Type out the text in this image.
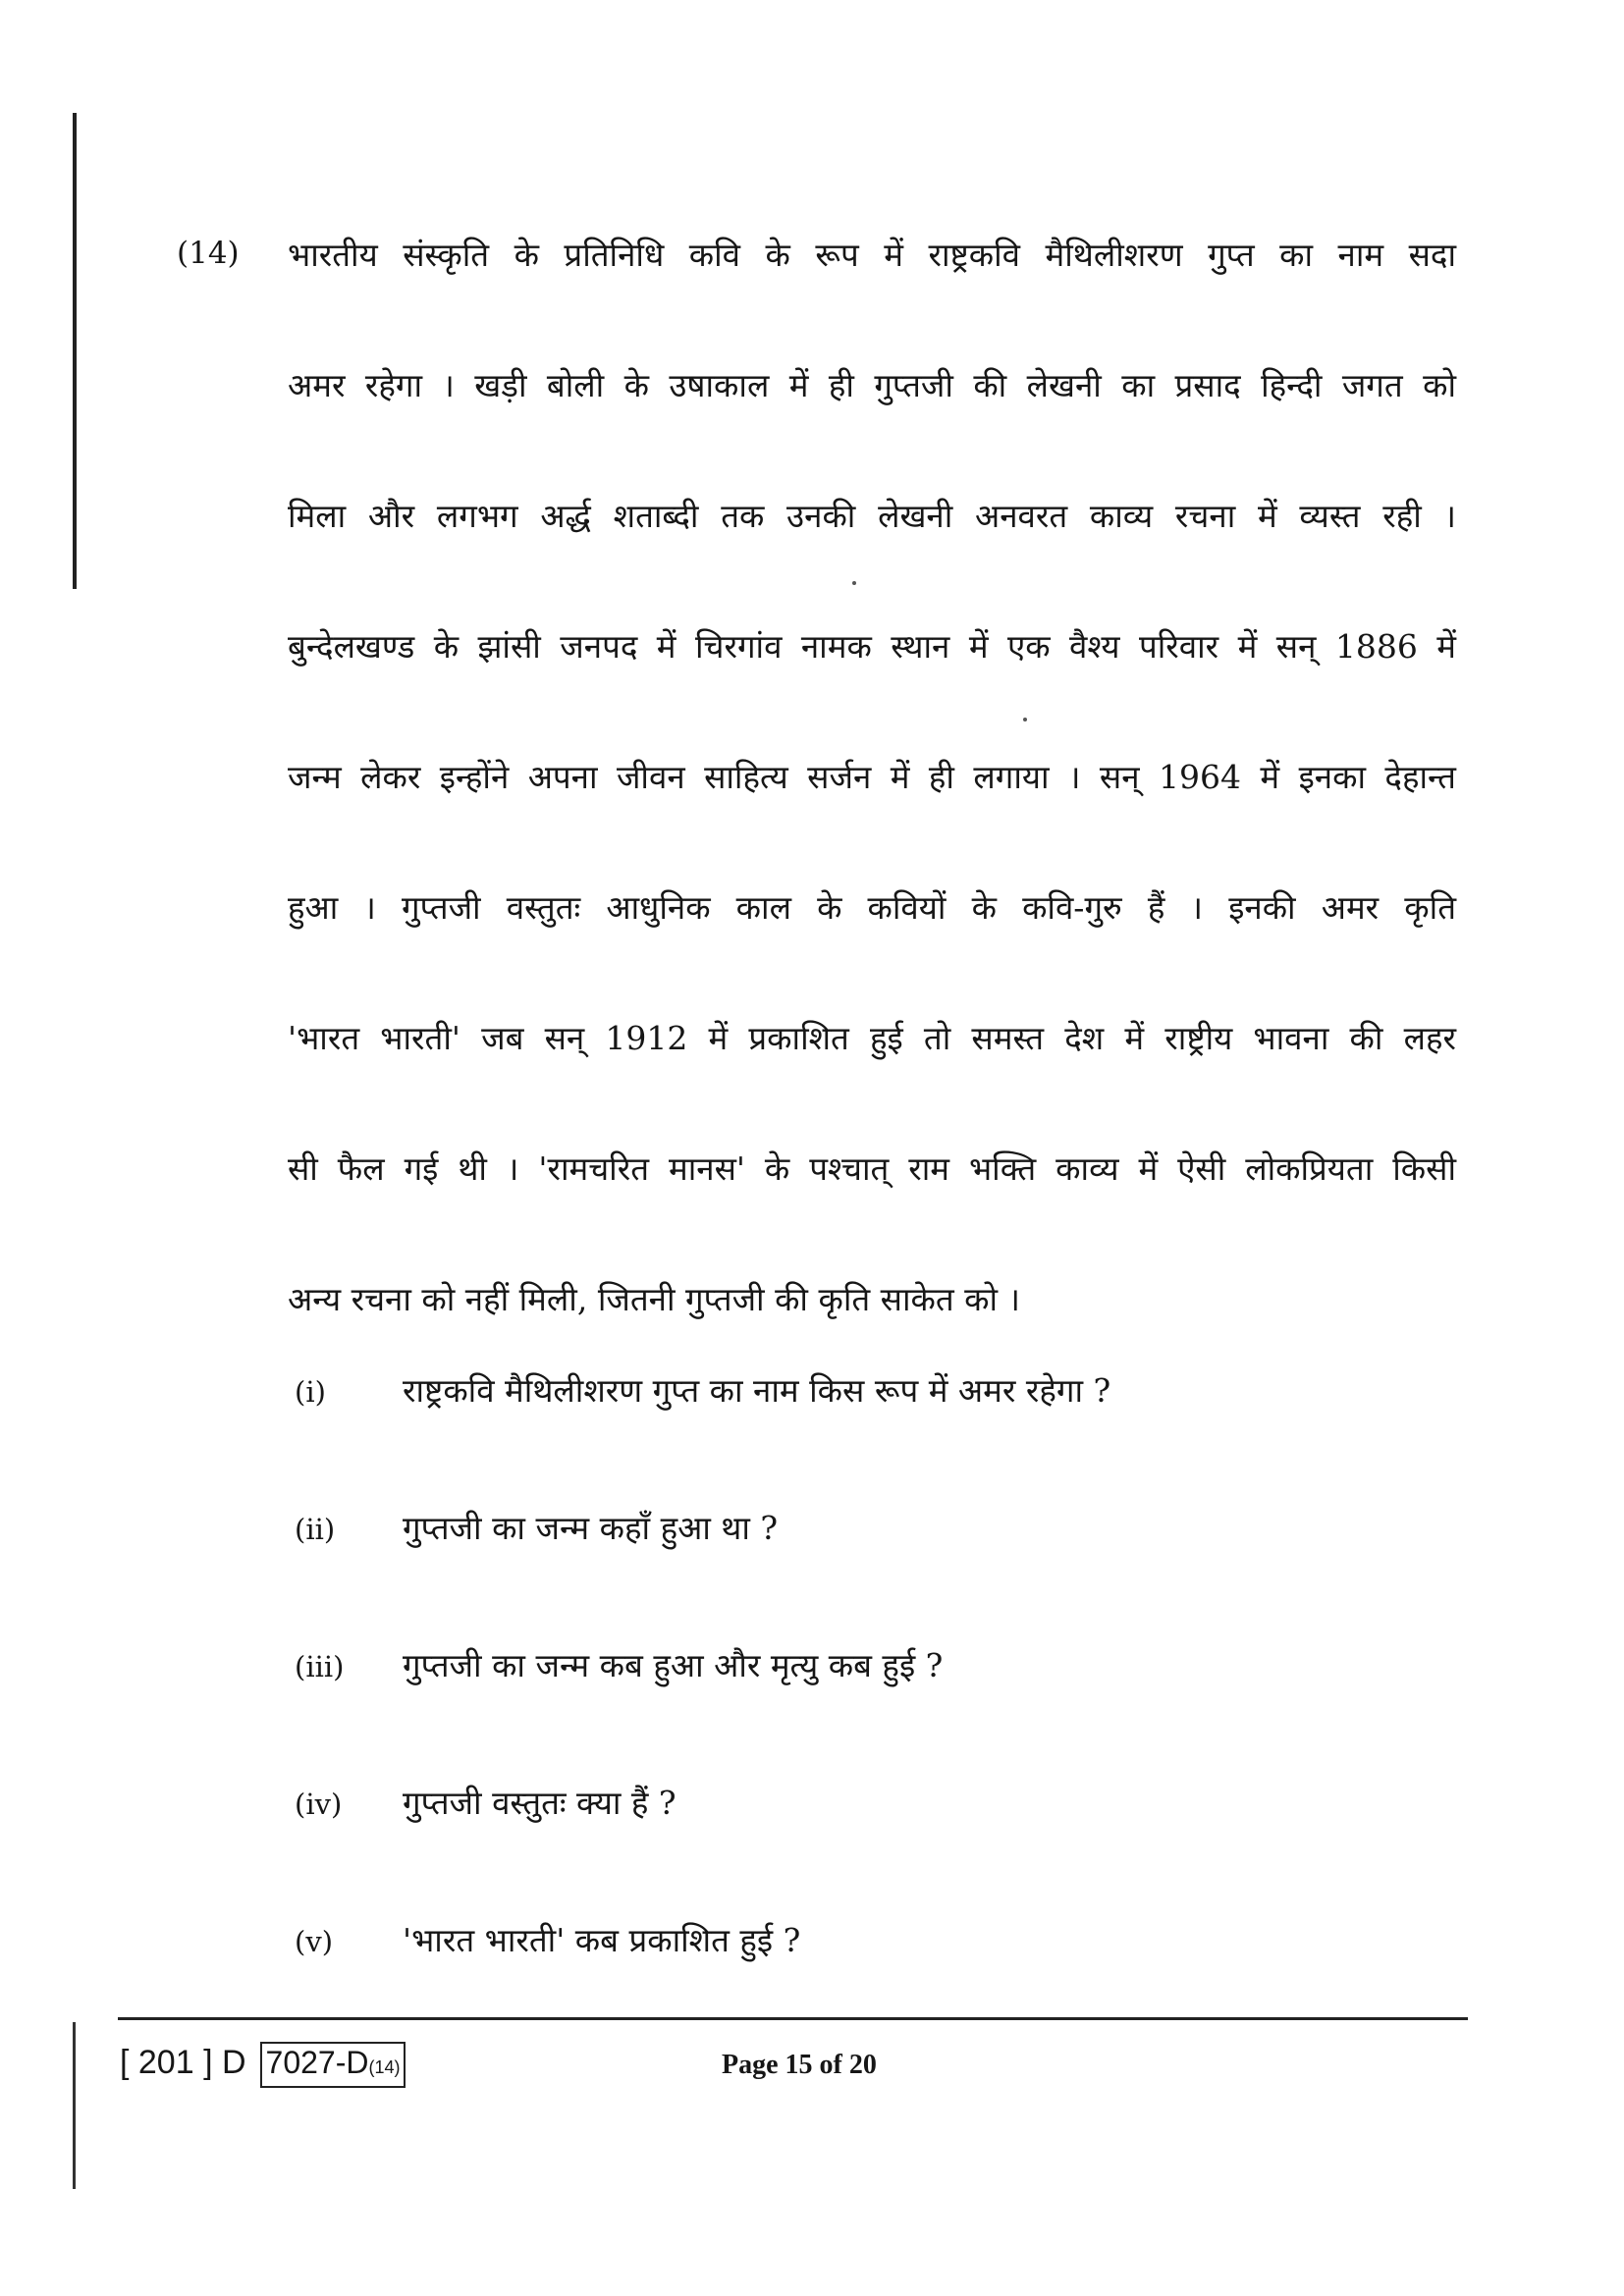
(14) भारतीय संस्कृति के प्रतिनिधि कवि के रूप में राष्ट्रकवि मैथिलीशरण गुप्त का नाम सदा
अमर रहेगा । खड़ी बोली के उषाकाल में ही गुप्तजी की लेखनी का प्रसाद हिन्दी जगत को
मिला और लगभग अर्द्ध शताब्दी तक उनकी लेखनी अनवरत काव्य रचना में व्यस्त रही ।
बुन्देलखण्ड के झांसी जनपद में चिरगांव नामक स्थान में एक वैश्य परिवार में सन् 1886 में
जन्म लेकर इन्होंने अपना जीवन साहित्य सर्जन में ही लगाया । सन् 1964 में इनका देहान्त
हुआ । गुप्तजी वस्तुतः आधुनिक काल के कवियों के कवि-गुरु हैं । इनकी अमर कृति
'भारत भारती' जब सन् 1912 में प्रकाशित हुई तो समस्त देश में राष्ट्रीय भावना की लहर
सी फैल गई थी । 'रामचरित मानस' के पश्चात् राम भक्ति काव्य में ऐसी लोकप्रियता किसी
अन्य रचना को नहीं मिली, जितनी गुप्तजी की कृति साकेत को ।
(i) राष्ट्रकवि मैथिलीशरण गुप्त का नाम किस रूप में अमर रहेगा ?
(ii) गुप्तजी का जन्म कहाँ हुआ था ?
(iii) गुप्तजी का जन्म कब हुआ और मृत्यु कब हुई ?
(iv) गुप्तजी वस्तुतः क्या हैं ?
(v) 'भारत भारती' कब प्रकाशित हुई ?
[ 201 ] D 7027-D(14)	Page 15 of 20
